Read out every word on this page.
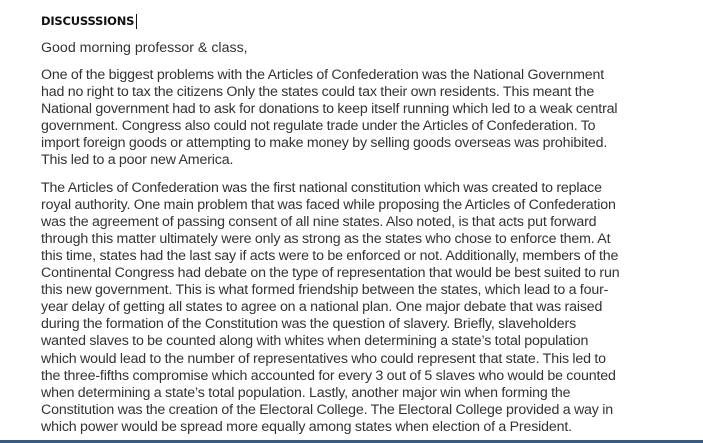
DISCUSSSIONS
Good morning professor & class,
One of the biggest problems with the Articles of Confederation was the National Government
had no right to tax the citizens Only the states could tax their own residents. This meant the
National government had to ask for donations to keep itself running which led to a weak central
government. Congress also could not regulate trade under the Articles of Confederation. To
import foreign goods or attempting to make money by selling goods overseas was prohibited.
This led to a poor new America.
The Articles of Confederation was the first national constitution which was created to replace
royal authority. One main problem that was faced while proposing the Articles of Confederation
was the agreement of passing consent of all nine states. Also noted, is that acts put forward
through this matter ultimately were only as strong as the states who chose to enforce them. At
this time, states had the last say if acts were to be enforced or not. Additionally, members of the
Continental Congress had debate on the type of representation that would be best suited to run
this new government. This is what formed friendship between the states, which lead to a four-
year delay of getting all states to agree on a national plan. One major debate that was raised
during the formation of the Constitution was the question of slavery. Briefly, slaveholders
wanted slaves to be counted along with whites when determining a state’s total population
which would lead to the number of representatives who could represent that state. This led to
the three-fifths compromise which accounted for every 3 out of 5 slaves who would be counted
when determining a state’s total population. Lastly, another major win when forming the
Constitution was the creation of the Electoral College. The Electoral College provided a way in
which power would be spread more equally among states when election of a President.
